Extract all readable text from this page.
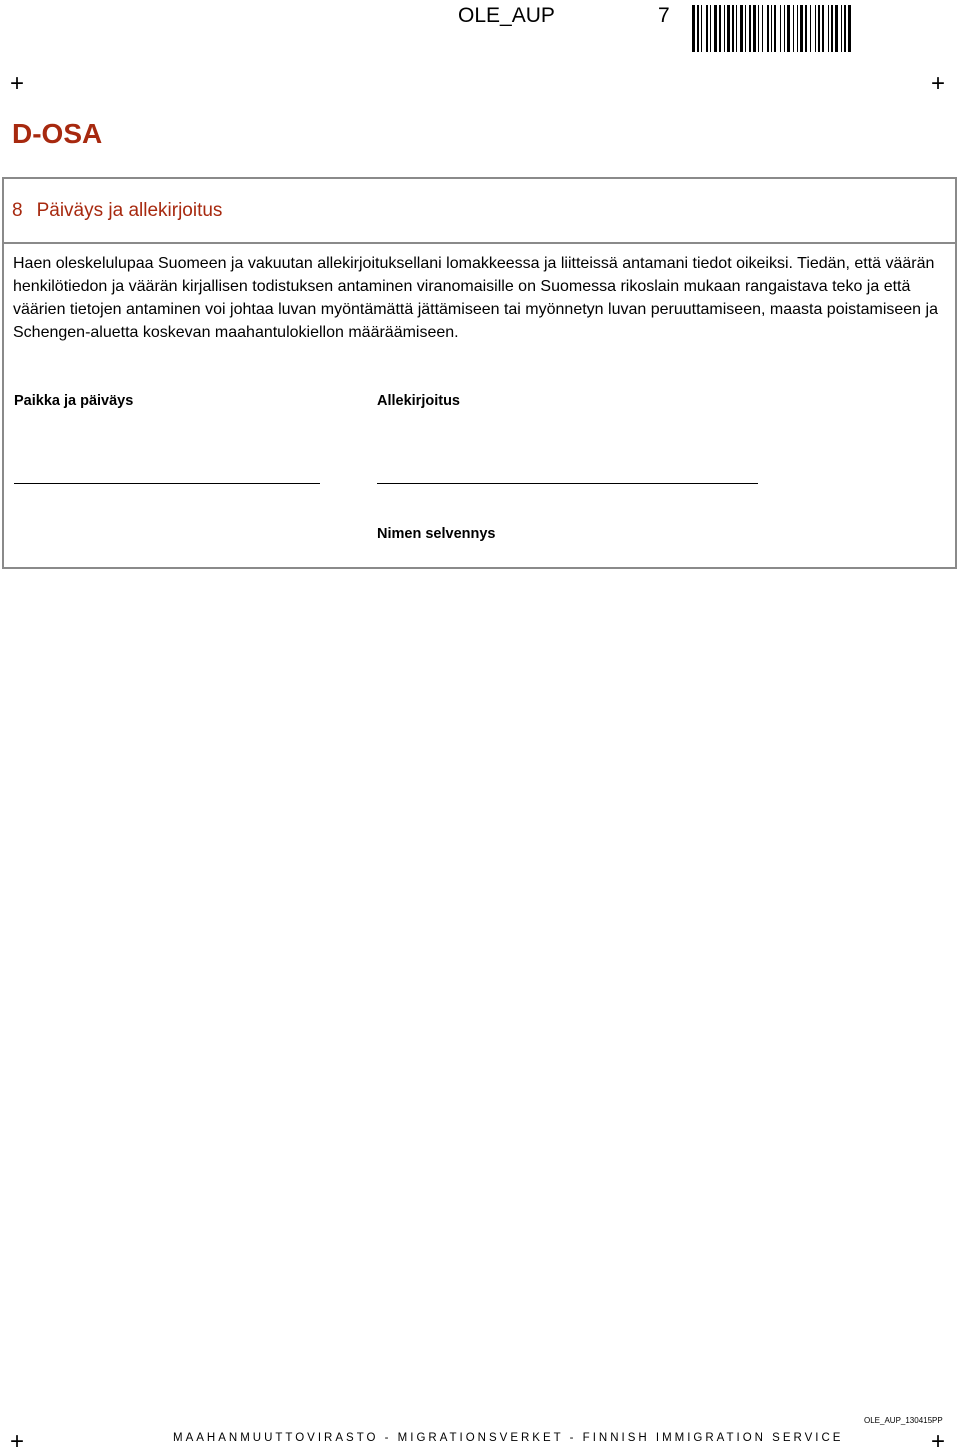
OLE_AUP	7
+	+
+	+
D-OSA
8 Päiväys ja allekirjoitus

Haen oleskelulupaa Suomeen ja vakuutan allekirjoituksellani lomakkeessa ja liitteissä antamani tiedot oikeiksi. Tiedän, että väärän henkilötiedon ja väärän kirjallisen todistuksen antaminen viranomaisille on Suomessa rikoslain mukaan rangaistava teko ja että väärien tietojen antaminen voi johtaa luvan myöntämättä jättämiseen tai myönnetyn luvan peruuttamiseen, maasta poistamiseen ja Schengen-aluetta koskevan maahantulokiellon määräämiseen.

Paikka ja päiväys	Allekirjoitus
Nimen selvennys
OLE_AUP_130415PP
MAAHANMUUTTOVIRASTO - MIGRATIONSVERKET - FINNISH IMMIGRATION SERVICE
